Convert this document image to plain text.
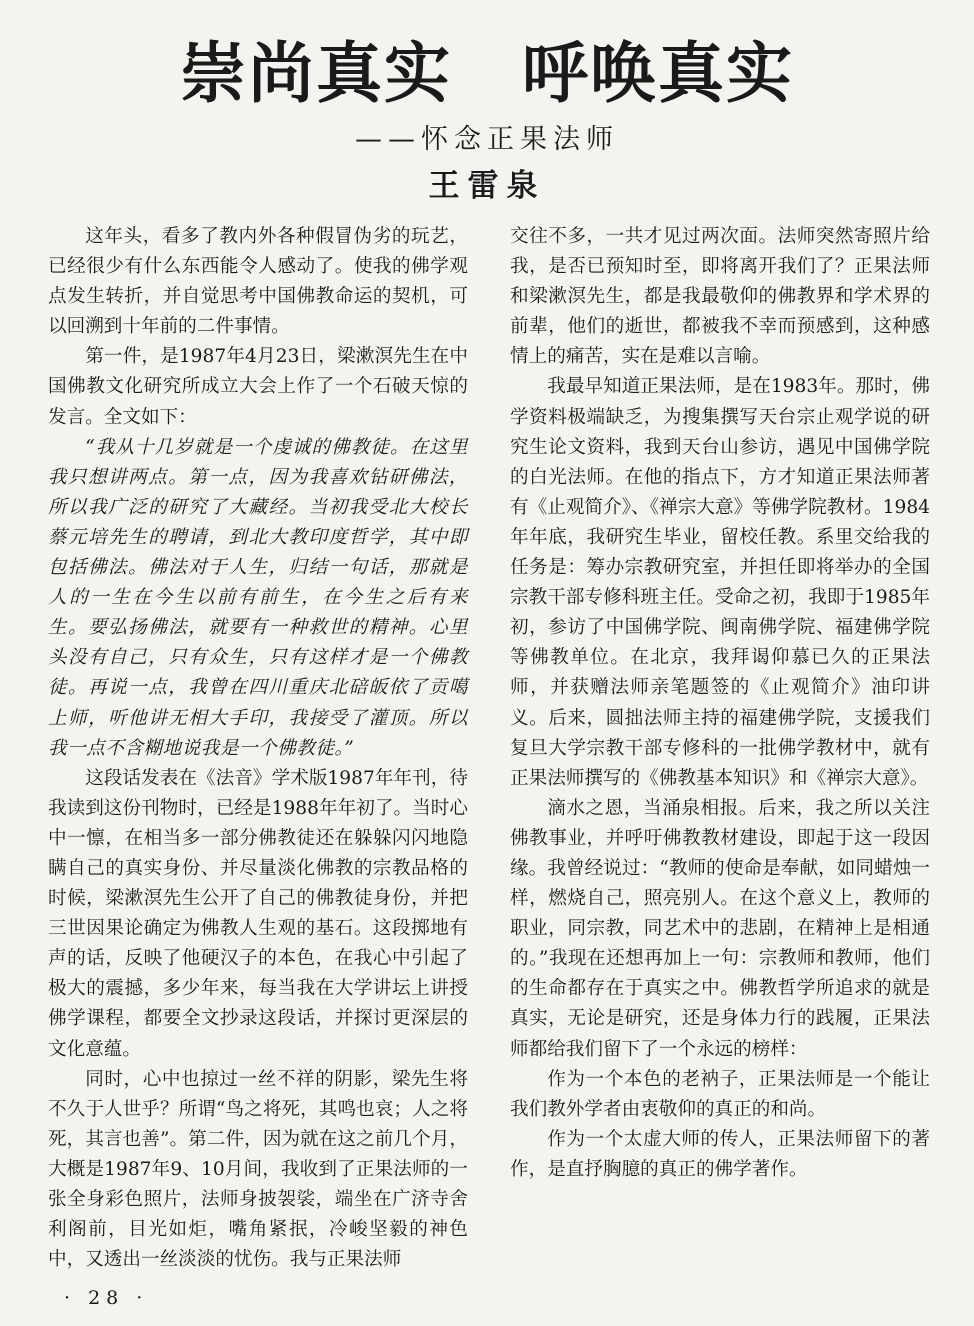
崇尚真实 呼唤真实
——怀念正果法师
王雷泉

这年头，看多了教内外各种假冒伪劣的玩艺，已经很少有什么东西能令人感动了。使我的佛学观点发生转折，并自觉思考中国佛教命运的契机，可以回溯到十年前的二件事情。

第一件，是1987年4月23日，梁漱溟先生在中国佛教文化研究所成立大会上作了一个石破天惊的发言。全文如下：

“我从十几岁就是一个虔诚的佛教徒。在这里我只想讲两点。第一点，因为我喜欢钻研佛法，所以我广泛的研究了大藏经。当初我受北大校长蔡元培先生的聘请，到北大教印度哲学，其中即包括佛法。佛法对于人生，归结一句话，那就是人的一生在今生以前有前生，在今生之后有来生。要弘扬佛法，就要有一种救世的精神。心里头没有自己，只有众生，只有这样才是一个佛教徒。再说一点，我曾在四川重庆北碚皈依了贡噶上师，听他讲无相大手印，我接受了灌顶。所以我一点不含糊地说我是一个佛教徒。”

这段话发表在《法音》学术版1987年年刊，待我读到这份刊物时，已经是1988年年初了。当时心中一懔，在相当多一部分佛教徒还在躲躲闪闪地隐瞒自己的真实身份、并尽量淡化佛教的宗教品格的时候，梁漱溟先生公开了自己的佛教徒身份，并把三世因果论确定为佛教人生观的基石。这段掷地有声的话，反映了他硬汉子的本色，在我心中引起了极大的震撼，多少年来，每当我在大学讲坛上讲授佛学课程，都要全文抄录这段话，并探讨更深层的文化意蕴。

同时，心中也掠过一丝不祥的阴影，梁先生将不久于人世乎？所谓“鸟之将死，其鸣也哀；人之将死，其言也善”。第二件，因为就在这之前几个月，大概是1987年9、10月间，我收到了正果法师的一张全身彩色照片，法师身披袈裟，端坐在广济寺舍利阁前，目光如炬，嘴角紧抿，冷峻坚毅的神色中，又透出一丝淡淡的忧伤。我与正果法师

交往不多，一共才见过两次面。法师突然寄照片给我，是否已预知时至，即将离开我们了？正果法师和梁漱溟先生，都是我最敬仰的佛教界和学术界的前辈，他们的逝世，都被我不幸而预感到，这种感情上的痛苦，实在是难以言喻。

我最早知道正果法师，是在1983年。那时，佛学资料极端缺乏，为搜集撰写天台宗止观学说的研究生论文资料，我到天台山参访，遇见中国佛学院的白光法师。在他的指点下，方才知道正果法师著有《止观简介》、《禅宗大意》等佛学院教材。1984年年底，我研究生毕业，留校任教。系里交给我的任务是：筹办宗教研究室，并担任即将举办的全国宗教干部专修科班主任。受命之初，我即于1985年初，参访了中国佛学院、闽南佛学院、福建佛学院等佛教单位。在北京，我拜谒仰慕已久的正果法师，并获赠法师亲笔题签的《止观简介》油印讲义。后来，圆拙法师主持的福建佛学院，支援我们复旦大学宗教干部专修科的一批佛学教材中，就有正果法师撰写的《佛教基本知识》和《禅宗大意》。

滴水之恩，当涌泉相报。后来，我之所以关注佛教事业，并呼吁佛教教材建设，即起于这一段因缘。我曾经说过：“教师的使命是奉献，如同蜡烛一样，燃烧自己，照亮别人。在这个意义上，教师的职业，同宗教，同艺术中的悲剧，在精神上是相通的。”我现在还想再加上一句：宗教师和教师，他们的生命都存在于真实之中。佛教哲学所追求的就是真实，无论是研究，还是身体力行的践履，正果法师都给我们留下了一个永远的榜样：

作为一个本色的老衲子，正果法师是一个能让我们教外学者由衷敬仰的真正的和尚。

作为一个太虚大师的传人，正果法师留下的著作，是直抒胸臆的真正的佛学著作。

· 28 ·
